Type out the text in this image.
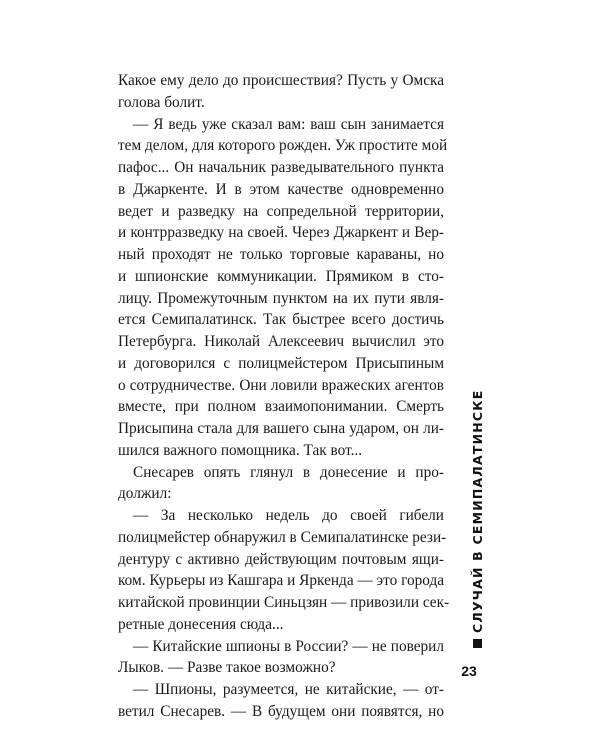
Какое ему дело до происшествия? Пусть у Омска
голова болит.
— Я ведь уже сказал вам: ваш сын занимается
тем делом, для которого рожден. Уж простите мой
пафос... Он начальник разведывательного пункта
в Джаркенте. И в этом качестве одновременно
ведет и разведку на сопредельной территории,
и контрразведку на своей. Через Джаркент и Вер-
ный проходят не только торговые караваны, но
и шпионские коммуникации. Прямиком в сто-
лицу. Промежуточным пунктом на их пути явля-
ется Семипалатинск. Так быстрее всего достичь
Петербурга. Николай Алексеевич вычислил это
и договорился с полицмейстером Присыпиным
о сотрудничестве. Они ловили вражеских агентов
вместе, при полном взаимопонимании. Смерть
Присыпина стала для вашего сына ударом, он ли-
шился важного помощника. Так вот...
Снесарев опять глянул в донесение и про-
должил:
— За несколько недель до своей гибели
полицмейстер обнаружил в Семипалатинске рези-
дентуру с активно действующим почтовым ящи-
ком. Курьеры из Кашгара и Яркенда — это города
китайской провинции Синьцзян — привозили сек-
ретные донесения сюда...
— Китайские шпионы в России? — не поверил
Лыков. — Разве такое возможно?
— Шпионы, разумеется, не китайские, — от-
ветил Снесарев. — В будущем они появятся, но
СЛУЧАЙ В СЕМИПАЛАТИНСКЕ
23
